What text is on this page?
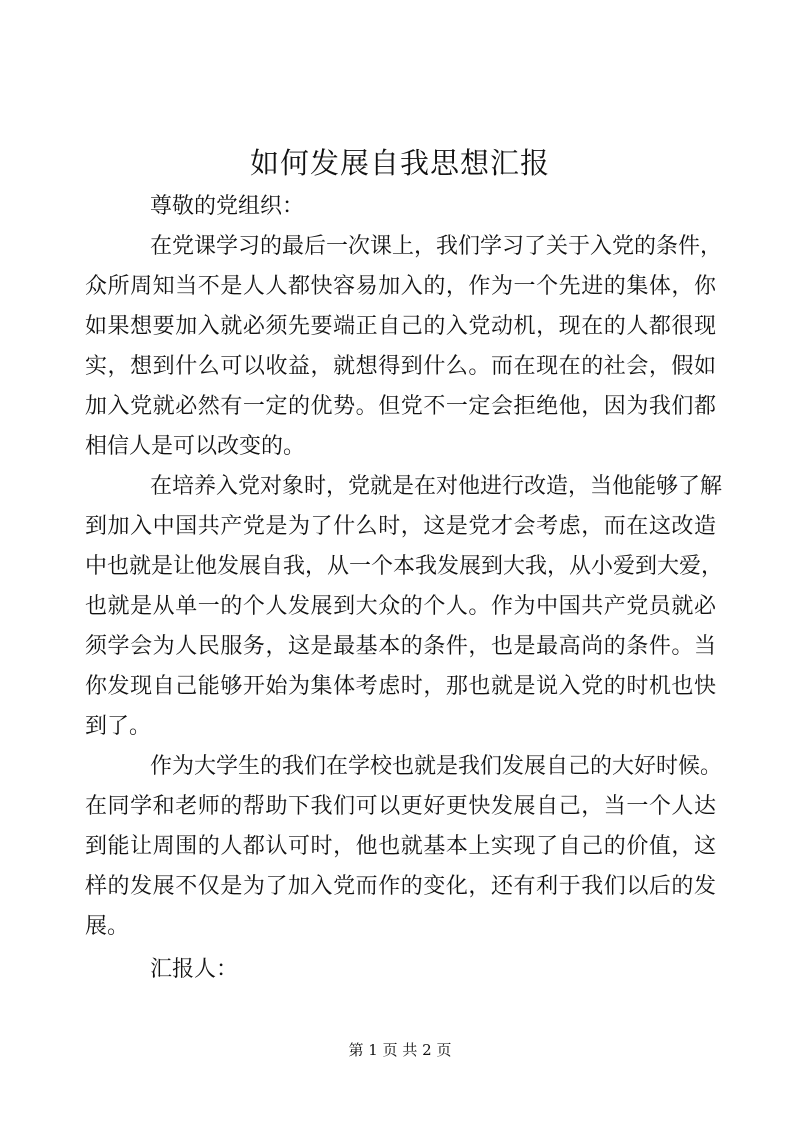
如何发展自我思想汇报
尊敬的党组织：
在党课学习的最后一次课上，我们学习了关于入党的条件，
众所周知当不是人人都快容易加入的，作为一个先进的集体，你
如果想要加入就必须先要端正自己的入党动机，现在的人都很现
实，想到什么可以收益，就想得到什么。而在现在的社会，假如
加入党就必然有一定的优势。但党不一定会拒绝他，因为我们都
相信人是可以改变的。
在培养入党对象时，党就是在对他进行改造，当他能够了解
到加入中国共产党是为了什么时，这是党才会考虑，而在这改造
中也就是让他发展自我，从一个本我发展到大我，从小爱到大爱，
也就是从单一的个人发展到大众的个人。作为中国共产党员就必
须学会为人民服务，这是最基本的条件，也是最高尚的条件。当
你发现自己能够开始为集体考虑时，那也就是说入党的时机也快
到了。
作为大学生的我们在学校也就是我们发展自己的大好时候。
在同学和老师的帮助下我们可以更好更快发展自己，当一个人达
到能让周围的人都认可时，他也就基本上实现了自己的价值，这
样的发展不仅是为了加入党而作的变化，还有利于我们以后的发
展。
汇报人：
第 1 页 共 2 页
